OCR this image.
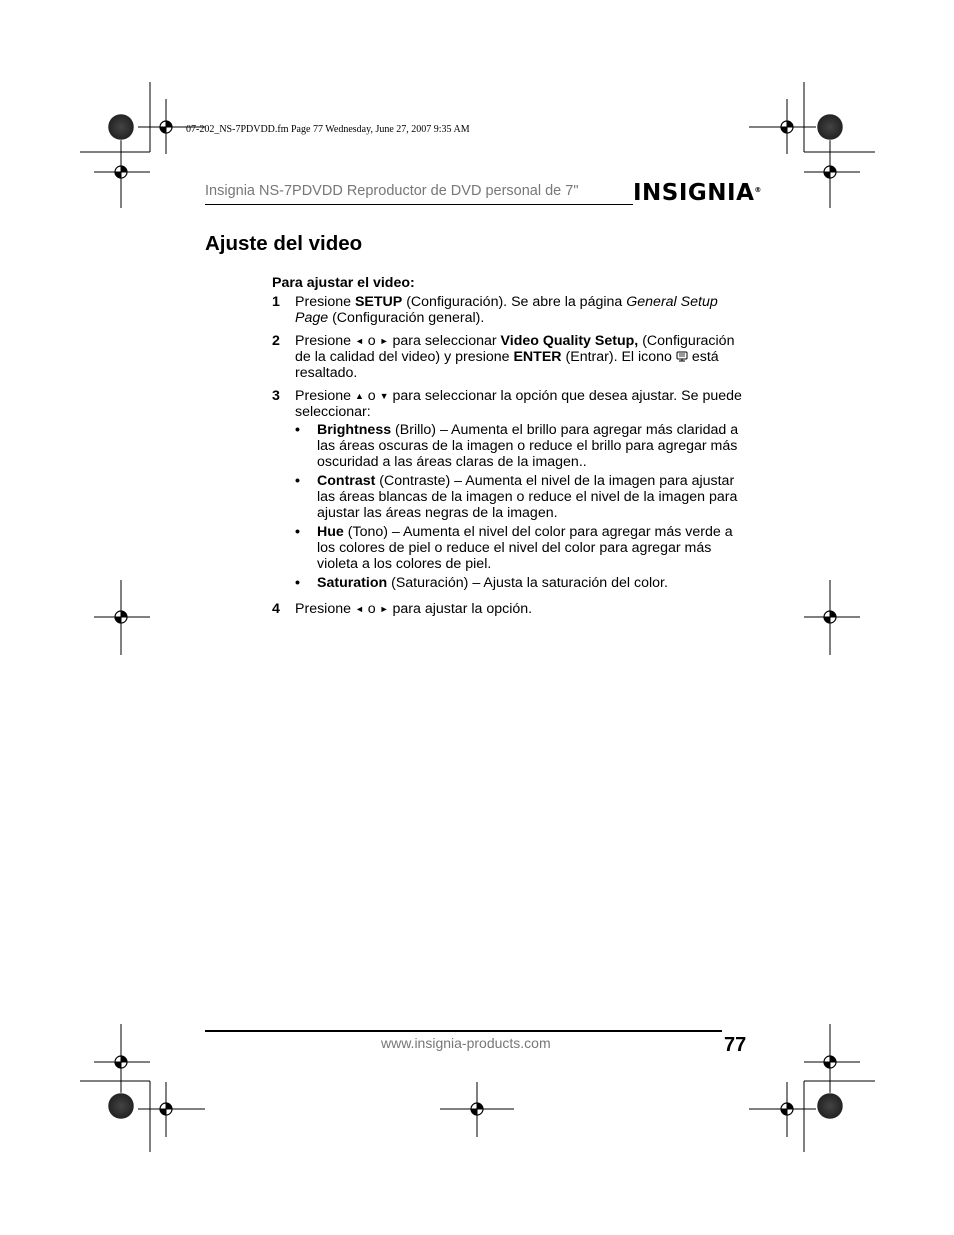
07-202_NS-7PDVDD.fm Page 77 Wednesday, June 27, 2007 9:35 AM
Insignia NS-7PDVDD Reproductor de DVD personal de 7" INSIGNIA®
Ajuste del video
Para ajustar el video:
1	Presione SETUP (Configuración). Se abre la página General Setup Page (Configuración general).
2	Presione ◄ o ► para seleccionar Video Quality Setup, (Configuración de la calidad del video) y presione ENTER (Entrar). El icono  está resaltado.
3	Presione ▲ o ▼ para seleccionar la opción que desea ajustar. Se puede seleccionar:
•	Brightness (Brillo) – Aumenta el brillo para agregar más claridad a las áreas oscuras de la imagen o reduce el brillo para agregar más oscuridad a las áreas claras de la imagen..
•	Contrast (Contraste) – Aumenta el nivel de la imagen para ajustar las áreas blancas de la imagen o reduce el nivel de la imagen para ajustar las áreas negras de la imagen.
•	Hue (Tono) – Aumenta el nivel del color para agregar más verde a los colores de piel o reduce el nivel del color para agregar más violeta a los colores de piel.
•	Saturation (Saturación) – Ajusta la saturación del color.
4	Presione ◄ o ► para ajustar la opción.
www.insignia-products.com	77
